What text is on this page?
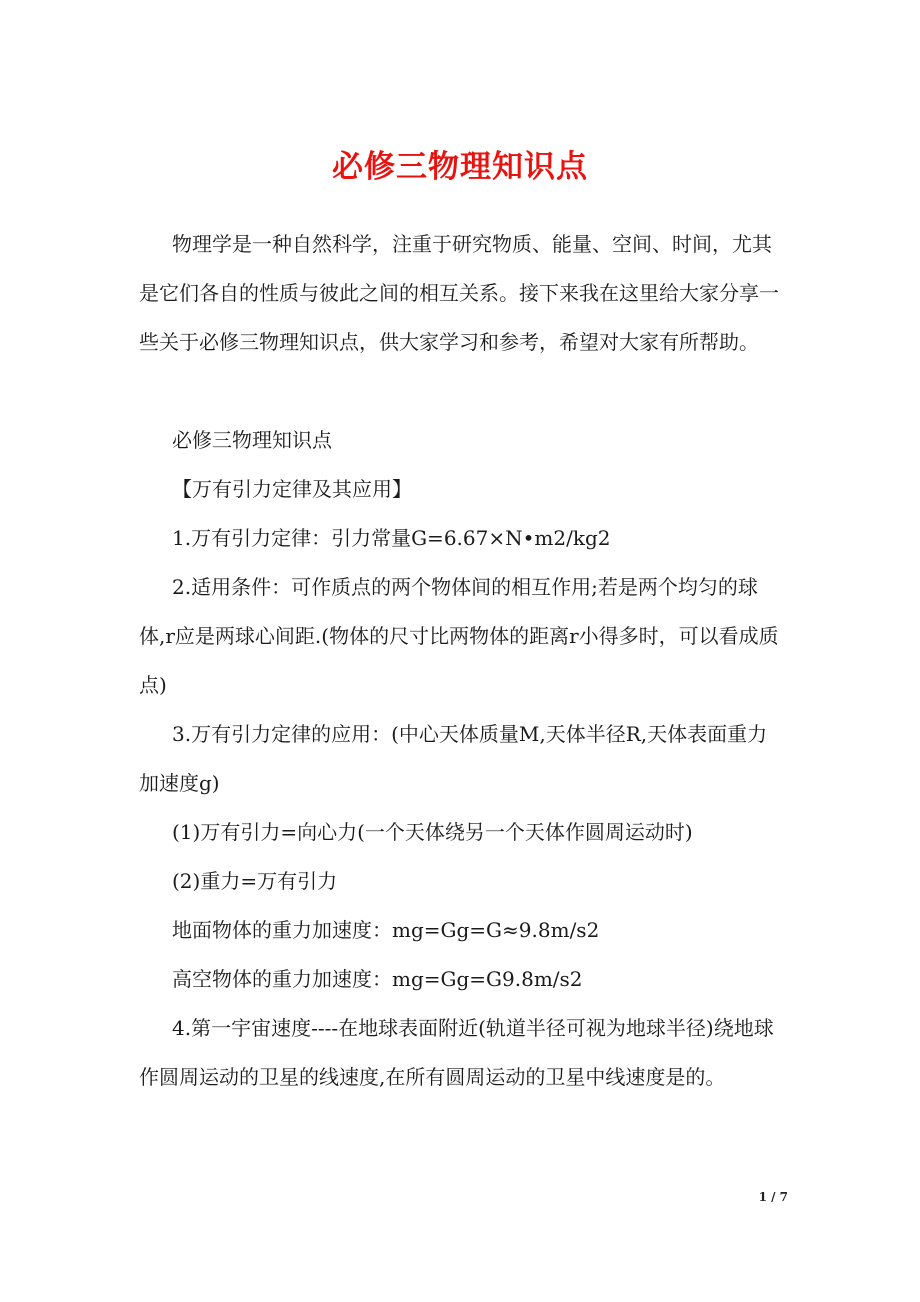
必修三物理知识点

物理学是一种自然科学，注重于研究物质、能量、空间、时间，尤其是它们各自的性质与彼此之间的相互关系。接下来我在这里给大家分享一些关于必修三物理知识点，供大家学习和参考，希望对大家有所帮助。

必修三物理知识点

【万有引力定律及其应用】

1.万有引力定律：引力常量G=6.67×N•m2/kg2

2.适用条件：可作质点的两个物体间的相互作用;若是两个均匀的球体,r应是两球心间距.(物体的尺寸比两物体的距离r小得多时，可以看成质点)

3.万有引力定律的应用：(中心天体质量M,天体半径R,天体表面重力加速度g)

(1)万有引力=向心力(一个天体绕另一个天体作圆周运动时)

(2)重力=万有引力

地面物体的重力加速度：mg=Gg=G≈9.8m/s2

高空物体的重力加速度：mg=Gg=G9.8m/s2

4.第一宇宙速度----在地球表面附近(轨道半径可视为地球半径)绕地球作圆周运动的卫星的线速度,在所有圆周运动的卫星中线速度是的。

1 / 7
